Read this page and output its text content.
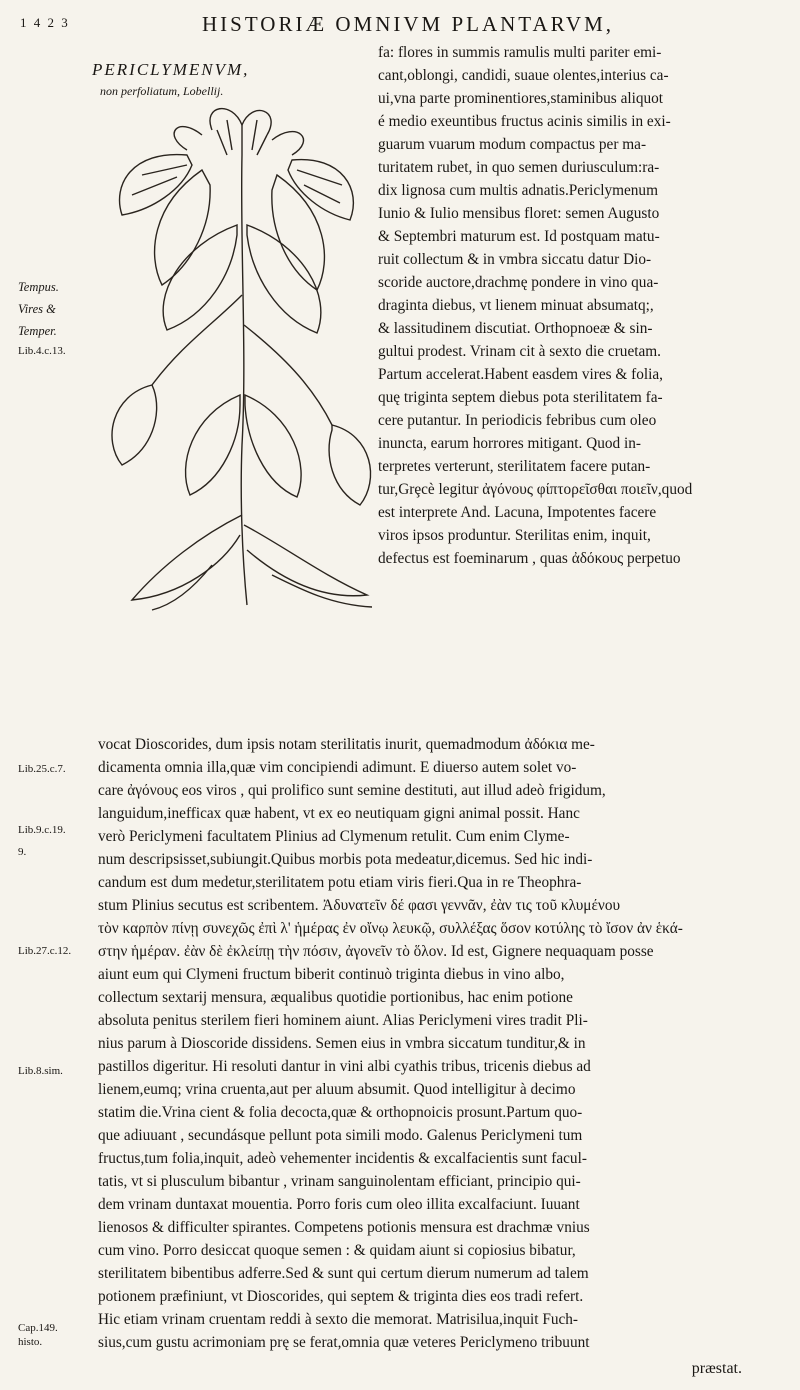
1 4 2 3	HISTORIÆ OMNIVM PLANTARVM,
PERICLYMENVM,
non perfoliatum, Lobellij.
Tempus.
Vires &
Temper.
Lib.4.c.13.
Lib.25.c.7.
Lib.9.c.19.
9.
Lib.27.c.12.
Lib.8.sim.
Cap.149.
histo.
fa: flores in summis ramulis multi pariter emi-
cant,oblongi, candidi, suaue olentes,interius ca-
ui,vna parte prominentiores,staminibus aliquot
é medio exeuntibus fructus acinis similis in exi-
guarum vuarum modum compactus per ma-
turitatem rubet, in quo semen duriusculum:ra-
dix lignosa cum multis adnatis.Periclymenum
Iunio & Iulio mensibus floret: semen Augusto
& Septembri maturum est. Id postquam matu-
ruit collectum & in vmbra siccatu datur Dio-
scoride auctore,drachmę pondere in vino qua-
draginta diebus, vt lienem minuat absumatq;,
& lassitudinem discutiat. Orthopnoeæ & sin-
gultui prodest. Vrinam cit à sexto die cruetam.
Partum accelerat.Habent easdem vires & folia,
quę triginta septem diebus pota sterilitatem fa-
cere putantur. In periodicis febribus cum oleo
inuncta, earum horrores mitigant. Quod in-
terpretes verterunt, sterilitatem facere putan-
tur,Grȩcè legitur ἀγόνους φίπτορεῖσθαι ποιεῖν,quod
est interprete And. Lacuna, Impotentes facere
viros ipsos produntur. Sterilitas enim, inquit,
defectus est foeminarum , quas ἀδόκους perpetuo
vocat Dioscorides, dum ipsis notam sterilitatis inurit, quemadmodum ἀδόκια me-
dicamenta omnia illa,quæ vim concipiendi adimunt. E diuerso autem solet vo-
care ἀγόνους eos viros , qui prolifico sunt semine destituti, aut illud adeò frigidum,
languidum,inefficax quæ habent, vt ex eo neutiquam gigni animal possit. Hanc
verò Periclymeni facultatem Plinius ad Clymenum retulit. Cum enim Clyme-
num descripsisset,subiungit.Quibus morbis pota medeatur,dicemus. Sed hic indi-
candum est dum medetur,sterilitatem potu etiam viris fieri.Qua in re Theophra-
stum Plinius secutus est scribentem. Ἀδυνατεῖν δέ φασι γεννᾶν, ἐὰν τις τοῦ κλυμένου
τὸν καρπὸν πίνῃ συνεχῶς ἐπὶ λ' ἡμέρας ἐν οἴνῳ λευκῷ, συλλέξας ὅσον κοτύλης τὸ ἴσον ἀν ἑκά-
στην ἡμέραν. ἐὰν δὲ ἐκλείπῃ τὴν πόσιν, ἀγονεῖν τὸ ὅλον. Id est, Gignere nequaquam posse
aiunt eum qui Clymeni fructum biberit continuò triginta diebus in vino albo,
collectum sextarij mensura, æqualibus quotidie portionibus, hac enim potione
absoluta penitus sterilem fieri hominem aiunt. Alias Periclymeni vires tradit Pli-
nius parum à Dioscoride dissidens. Semen eius in vmbra siccatum tunditur,& in
pastillos digeritur. Hi resoluti dantur in vini albi cyathis tribus, tricenis diebus ad
lienem,eumq; vrina cruenta,aut per aluum absumit. Quod intelligitur à decimo
statim die.Vrina cient & folia decocta,quæ & orthopnoicis prosunt.Partum quo-
que adiuuant , secundásque pellunt pota simili modo. Galenus Periclymeni tum
fructus,tum folia,inquit, adeò vehementer incidentis & excalfacientis sunt facul-
tatis, vt si plusculum bibantur , vrinam sanguinolentam efficiant, principio qui-
dem vrinam duntaxat mouentia. Porro foris cum oleo illita excalfaciunt. Iuuant
lienosos & difficulter spirantes. Competens potionis mensura est drachmæ vnius
cum vino. Porro desiccat quoque semen : & quidam aiunt si copiosius bibatur,
sterilitatem bibentibus adferre.Sed & sunt qui certum dierum numerum ad talem
potionem præfiniunt, vt Dioscorides, qui septem & triginta dies eos tradi refert.
Hic etiam vrinam cruentam reddi à sexto die memorat. Matrisilua,inquit Fuch-
sius,cum gustu acrimoniam prę se ferat,omnia quæ veteres Periclymeno tribuunt
præstat.
